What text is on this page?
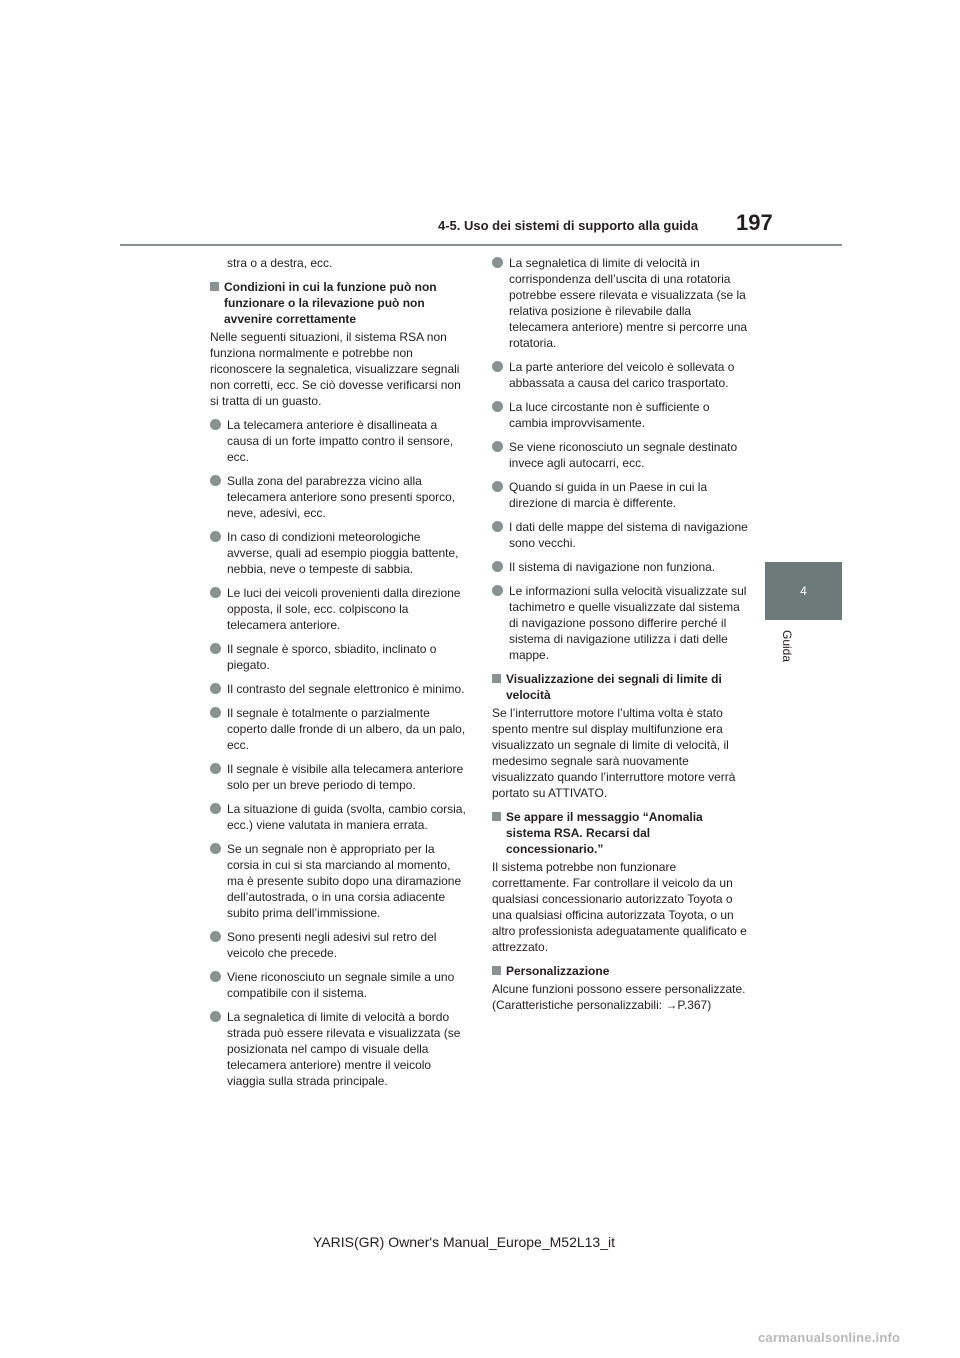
4-5. Uso dei sistemi di supporto alla guida 197
4
Guida

stra o a destra, ecc.

Condizioni in cui la funzione può non funzionare o la rilevazione può non avvenire correttamente

Nelle seguenti situazioni, il sistema RSA non funziona normalmente e potrebbe non riconoscere la segnaletica, visualizzare segnali non corretti, ecc. Se ciò dovesse verificarsi non si tratta di un guasto.

La telecamera anteriore è disallineata a causa di un forte impatto contro il sensore, ecc.
Sulla zona del parabrezza vicino alla telecamera anteriore sono presenti sporco, neve, adesivi, ecc.
In caso di condizioni meteorologiche avverse, quali ad esempio pioggia battente, nebbia, neve o tempeste di sabbia.
Le luci dei veicoli provenienti dalla direzione opposta, il sole, ecc. colpiscono la telecamera anteriore.
Il segnale è sporco, sbiadito, inclinato o piegato.
Il contrasto del segnale elettronico è minimo.
Il segnale è totalmente o parzialmente coperto dalle fronde di un albero, da un palo, ecc.
Il segnale è visibile alla telecamera anteriore solo per un breve periodo di tempo.
La situazione di guida (svolta, cambio corsia, ecc.) viene valutata in maniera errata.
Se un segnale non è appropriato per la corsia in cui si sta marciando al momento, ma è presente subito dopo una diramazione dell’autostrada, o in una corsia adiacente subito prima dell’immissione.
Sono presenti negli adesivi sul retro del veicolo che precede.
Viene riconosciuto un segnale simile a uno compatibile con il sistema.
La segnaletica di limite di velocità a bordo strada può essere rilevata e visualizzata (se posizionata nel campo di visuale della telecamera anteriore) mentre il veicolo viaggia sulla strada principale.
La segnaletica di limite di velocità in corrispondenza dell’uscita di una rotatoria potrebbe essere rilevata e visualizzata (se la relativa posizione è rilevabile dalla telecamera anteriore) mentre si percorre una rotatoria.
La parte anteriore del veicolo è sollevata o abbassata a causa del carico trasportato.
La luce circostante non è sufficiente o cambia improvvisamente.
Se viene riconosciuto un segnale destinato invece agli autocarri, ecc.
Quando si guida in un Paese in cui la direzione di marcia è differente.
I dati delle mappe del sistema di navigazione sono vecchi.
Il sistema di navigazione non funziona.
Le informazioni sulla velocità visualizzate sul tachimetro e quelle visualizzate dal sistema di navigazione possono differire perché il sistema di navigazione utilizza i dati delle mappe.
Visualizzazione dei segnali di limite di velocità

Se l’interruttore motore l’ultima volta è stato spento mentre sul display multifunzione era visualizzato un segnale di limite di velocità, il medesimo segnale sarà nuovamente visualizzato quando l’interruttore motore verrà portato su ATTIVATO.

Se appare il messaggio “Anomalia sistema RSA. Recarsi dal concessionario.”

Il sistema potrebbe non funzionare correttamente. Far controllare il veicolo da un qualsiasi concessionario autorizzato Toyota o una qualsiasi officina autorizzata Toyota, o un altro professionista adeguatamente qualificato e attrezzato.

Personalizzazione

Alcune funzioni possono essere personalizzate. (Caratteristiche personalizzabili: →P.367)

YARIS(GR) Owner's Manual_Europe_M52L13_it
carmanualsonline.info
